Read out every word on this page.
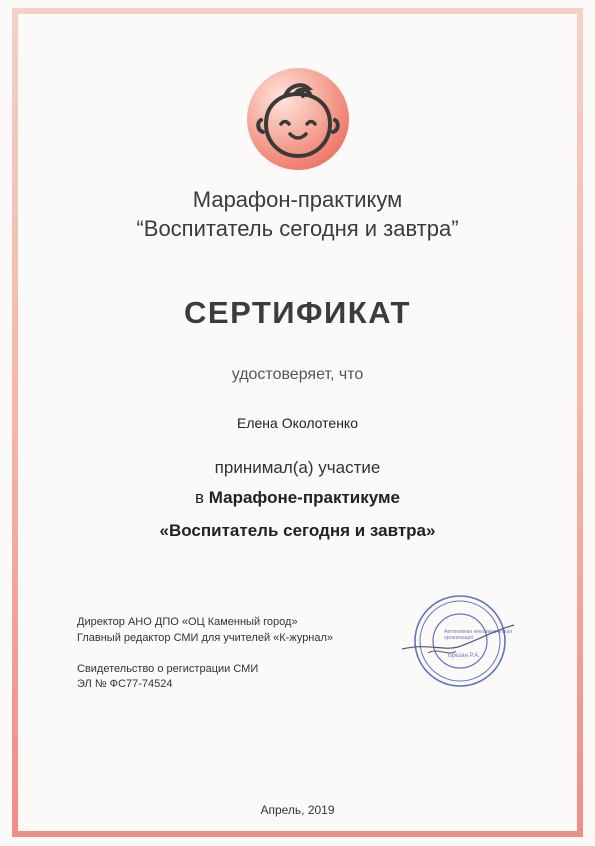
Марафон-практикум
“Воспитатель сегодня и завтра”
СЕРТИФИКАТ
удостоверяет, что
Елена Околотенко
принимал(а) участие
в Марафоне-практикуме
«Воспитатель сегодня и завтра»
Директор АНО ДПО «ОЦ Каменный город»
Главный редактор СМИ для учителей «К-журнал»
Свидетельство о регистрации СМИ
ЭЛ № ФС77-74524
Автономная некоммерческая
организация
Брезан Р.А.
Апрель, 2019
